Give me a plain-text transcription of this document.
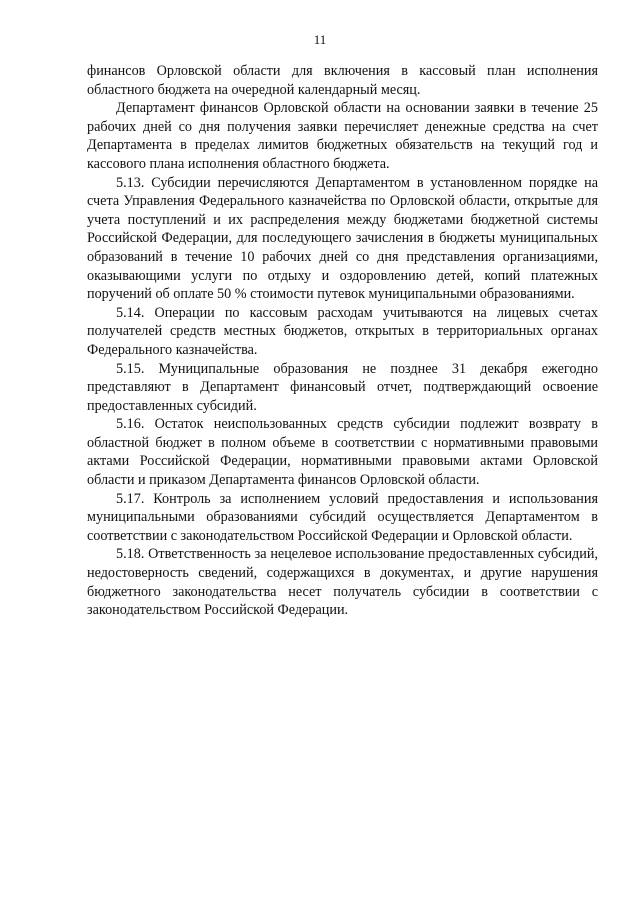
11

финансов Орловской области для включения в кассовый план исполнения областного бюджета на очередной календарный месяц.

Департамент финансов Орловской области на основании заявки в течение 25 рабочих дней со дня получения заявки перечисляет денежные средства на счет Департамента в пределах лимитов бюджетных обязательств на текущий год и кассового плана исполнения областного бюджета.

5.13. Субсидии перечисляются Департаментом в установленном порядке на счета Управления Федерального казначейства по Орловской области, открытые для учета поступлений и их распределения между бюджетами бюджетной системы Российской Федерации, для последующего зачисления в бюджеты муниципальных образований в течение 10 рабочих дней со дня представления организациями, оказывающими услуги по отдыху и оздоровлению детей, копий платежных поручений об оплате 50 % стоимости путевок муниципальными образованиями.

5.14. Операции по кассовым расходам учитываются на лицевых счетах получателей средств местных бюджетов, открытых в территориальных органах Федерального казначейства.

5.15. Муниципальные образования не позднее 31 декабря ежегодно представляют в Департамент финансовый отчет, подтверждающий освоение предоставленных субсидий.

5.16. Остаток неиспользованных средств субсидии подлежит возврату в областной бюджет в полном объеме в соответствии с нормативными правовыми актами Российской Федерации, нормативными правовыми актами Орловской области и приказом Департамента финансов Орловской области.

5.17. Контроль за исполнением условий предоставления и использования муниципальными образованиями субсидий осуществляется Департаментом в соответствии с законодательством Российской Федерации и Орловской области.

5.18. Ответственность за нецелевое использование предоставленных субсидий, недостоверность сведений, содержащихся в документах, и другие нарушения бюджетного законодательства несет получатель субсидии в соответствии с законодательством Российской Федерации.
